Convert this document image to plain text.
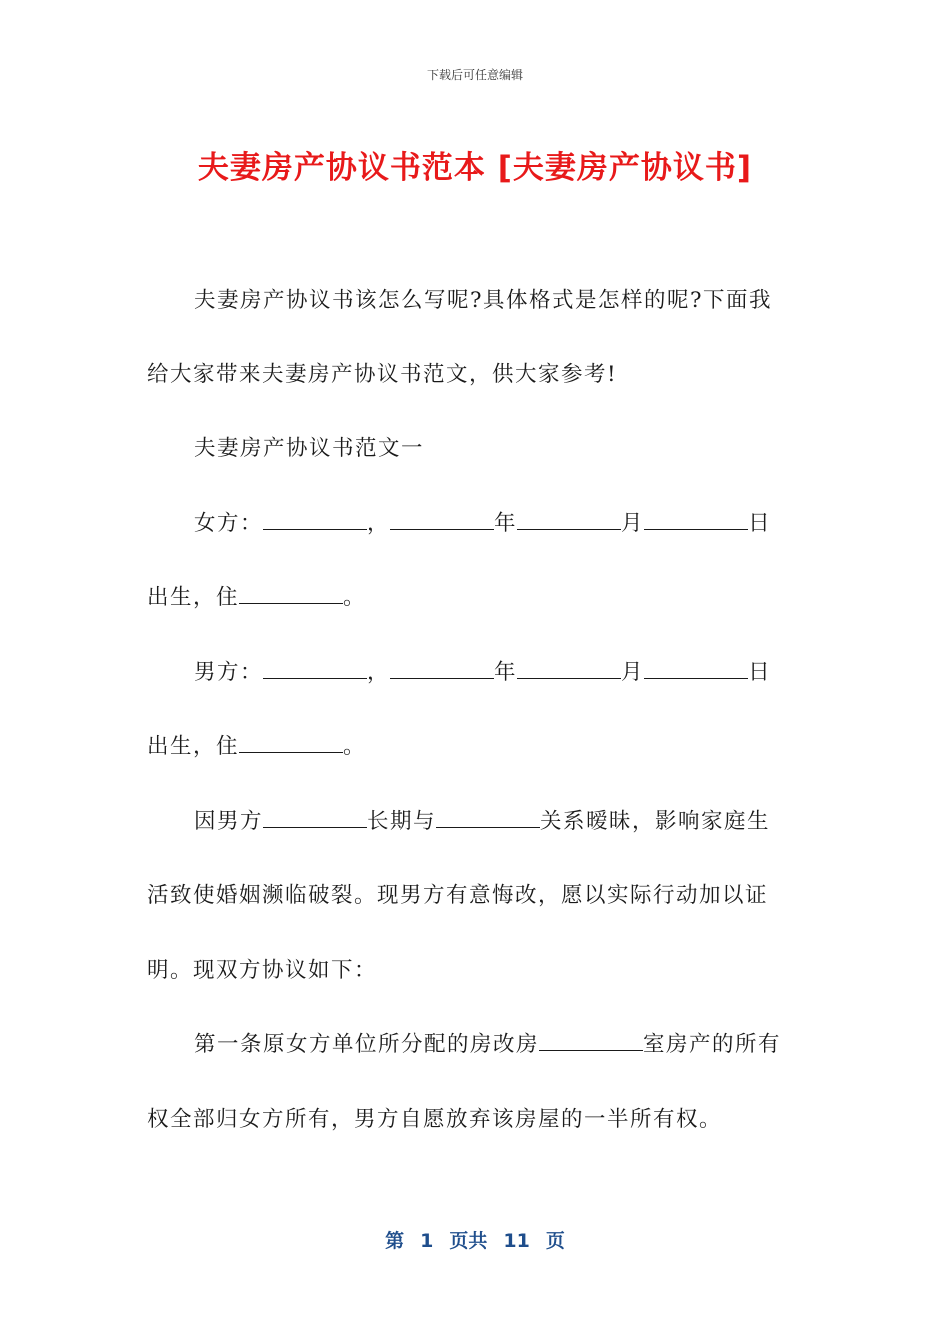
下载后可任意编辑
夫妻房产协议书范本 [夫妻房产协议书]
夫妻房产协议书该怎么写呢?具体格式是怎样的呢?下面我
给大家带来夫妻房产协议书范文，供大家参考!
夫妻房产协议书范文一
女方：	，	年	月	日
出生，住	。
男方：	，	年	月	日
出生，住	。
因男方	长期与	关系暧昧，影响家庭生
活致使婚姻濒临破裂。现男方有意悔改，愿以实际行动加以证
明。现双方协议如下：
第一条原女方单位所分配的房改房	室房产的所有
权全部归女方所有，男方自愿放弃该房屋的一半所有权。
第 1 页共 11 页
